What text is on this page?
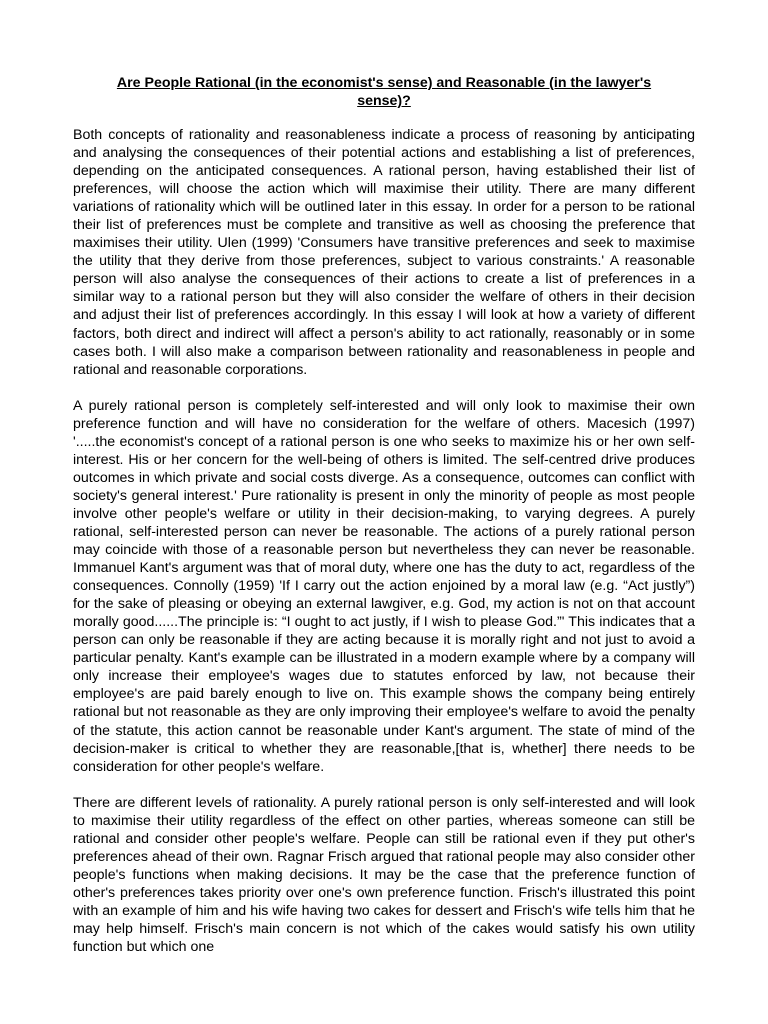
Are People Rational (in the economist's sense) and Reasonable (in the lawyer's sense)?

Both concepts of rationality and reasonableness indicate a process of reasoning by anticipating and analysing the consequences of their potential actions and establishing a list of preferences, depending on the anticipated consequences. A rational person, having established their list of preferences, will choose the action which will maximise their utility. There are many different variations of rationality which will be outlined later in this essay. In order for a person to be rational their list of preferences must be complete and transitive as well as choosing the preference that maximises their utility. Ulen (1999) 'Consumers have transitive preferences and seek to maximise the utility that they derive from those preferences, subject to various constraints.' A reasonable person will also analyse the consequences of their actions to create a list of preferences in a similar way to a rational person but they will also consider the welfare of others in their decision and adjust their list of preferences accordingly. In this essay I will look at how a variety of different factors, both direct and indirect will affect a person's ability to act rationally, reasonably or in some cases both. I will also make a comparison between rationality and reasonableness in people and rational and reasonable corporations.

A purely rational person is completely self-interested and will only look to maximise their own preference function and will have no consideration for the welfare of others. Macesich (1997) '.....the economist's concept of a rational person is one who seeks to maximize his or her own self-interest. His or her concern for the well-being of others is limited. The self-centred drive produces outcomes in which private and social costs diverge. As a consequence, outcomes can conflict with society's general interest.' Pure rationality is present in only the minority of people as most people involve other people's welfare or utility in their decision-making, to varying degrees. A purely rational, self-interested person can never be reasonable. The actions of a purely rational person may coincide with those of a reasonable person but nevertheless they can never be reasonable. Immanuel Kant's argument was that of moral duty, where one has the duty to act, regardless of the consequences. Connolly (1959) 'If I carry out the action enjoined by a moral law (e.g. “Act justly”) for the sake of pleasing or obeying an external lawgiver, e.g. God, my action is not on that account morally good......The principle is: “I ought to act justly, if I wish to please God.”' This indicates that a person can only be reasonable if they are acting because it is morally right and not just to avoid a particular penalty. Kant's example can be illustrated in a modern example where by a company will only increase their employee's wages due to statutes enforced by law, not because their employee's are paid barely enough to live on. This example shows the company being entirely rational but not reasonable as they are only improving their employee's welfare to avoid the penalty of the statute, this action cannot be reasonable under Kant's argument. The state of mind of the decision-maker is critical to whether they are reasonable,[that is, whether] there needs to be consideration for other people's welfare.

There are different levels of rationality. A purely rational person is only self-interested and will look to maximise their utility regardless of the effect on other parties, whereas someone can still be rational and consider other people's welfare. People can still be rational even if they put other's preferences ahead of their own. Ragnar Frisch argued that rational people may also consider other people's functions when making decisions. It may be the case that the preference function of other's preferences takes priority over one's own preference function. Frisch's illustrated this point with an example of him and his wife having two cakes for dessert and Frisch's wife tells him that he may help himself. Frisch's main concern is not which of the cakes would satisfy his own utility function but which one
